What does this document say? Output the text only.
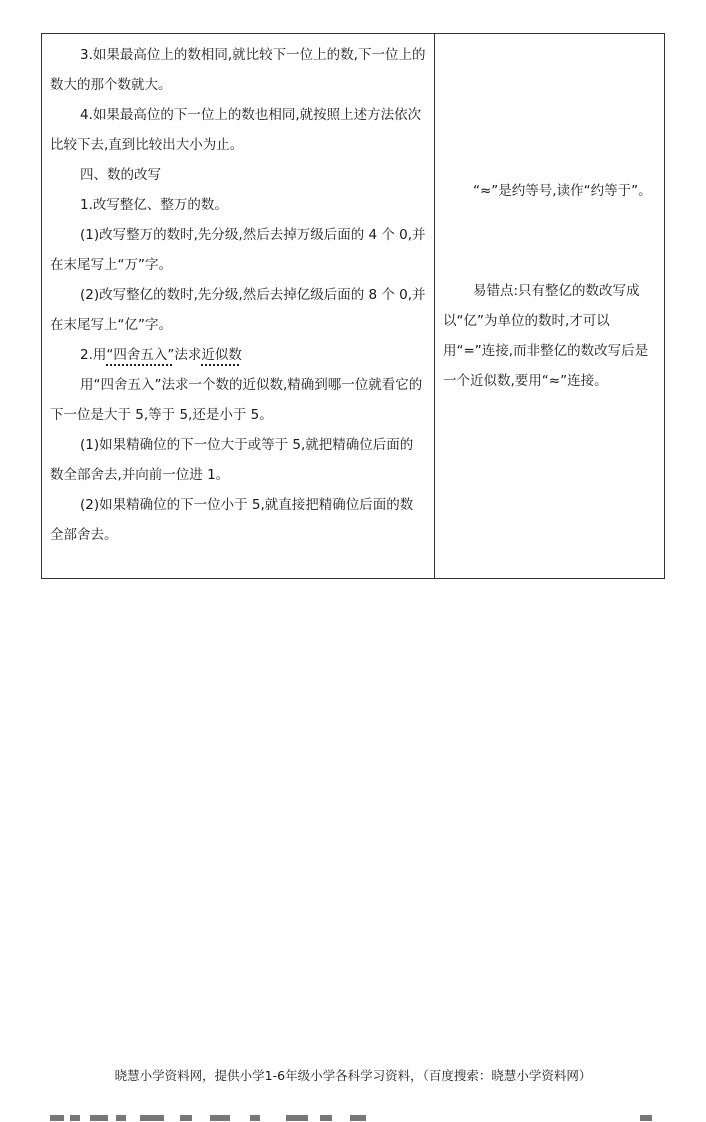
3.如果最高位上的数相同,就比较下一位上的数,下一位上的数大的那个数就大。

4.如果最高位的下一位上的数也相同,就按照上述方法依次比较下去,直到比较出大小为止。

四、数的改写

1.改写整亿、整万的数。

(1)改写整万的数时,先分级,然后去掉万级后面的 4 个 0,并在末尾写上“万”字。

(2)改写整亿的数时,先分级,然后去掉亿级后面的 8 个 0,并在末尾写上“亿”字。

2.用“四舍五入”法求近似数

用“四舍五入”法求一个数的近似数,精确到哪一位就看它的下一位是大于 5,等于 5,还是小于 5。

(1)如果精确位的下一位大于或等于 5,就把精确位后面的数全部舍去,并向前一位进 1。

(2)如果精确位的下一位小于 5,就直接把精确位后面的数全部舍去。

“≈”是约等号,读作“约等于”。

易错点:只有整亿的数改写成以“亿”为单位的数时,才可以用“=”连接,而非整亿的数改写后是一个近似数,要用“≈”连接。

晓慧小学资料网，提供小学1-6年级小学各科学习资料，（百度搜索：晓慧小学资料网）
